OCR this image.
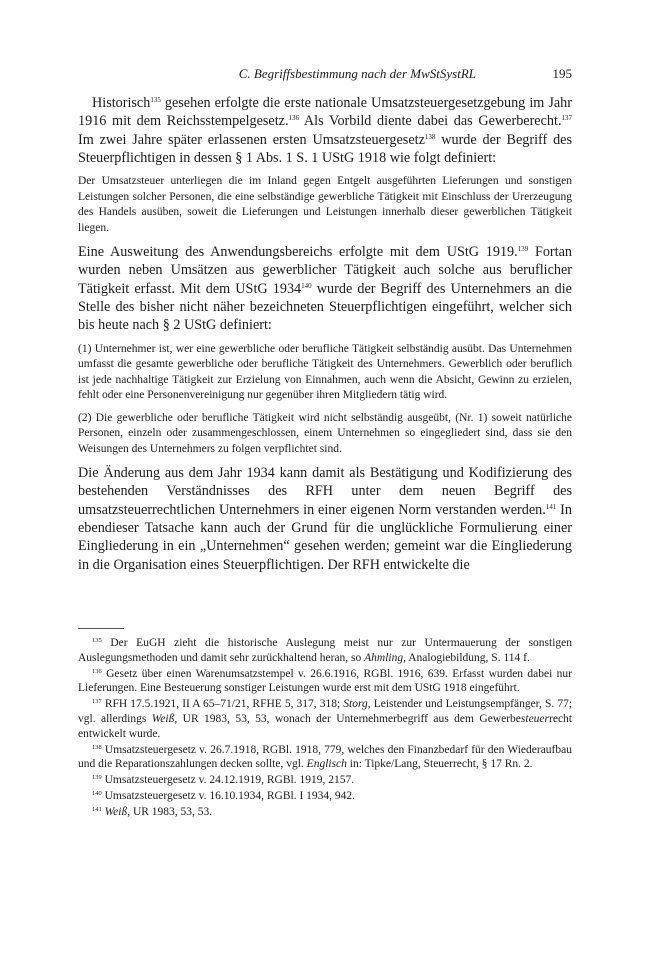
C. Begriffsbestimmung nach der MwStSystRL	195

Historisch$^{135}$ gesehen erfolgte die erste nationale Umsatzsteuergesetzgebung im Jahr 1916 mit dem Reichsstempelgesetz.$^{136}$ Als Vorbild diente dabei das Gewerberecht.$^{137}$ Im zwei Jahre später erlassenen ersten Umsatzsteuergesetz$^{138}$ wurde der Begriff des Steuerpflichtigen in dessen § 1 Abs. 1 S. 1 UStG 1918 wie folgt definiert:

Der Umsatzsteuer unterliegen die im Inland gegen Entgelt ausgeführten Lieferungen und sonstigen Leistungen solcher Personen, die eine selbständige gewerbliche Tätigkeit mit Einschluss der Urerzeugung des Handels ausüben, soweit die Lieferungen und Leistungen innerhalb dieser gewerblichen Tätigkeit liegen.

Eine Ausweitung des Anwendungsbereichs erfolgte mit dem UStG 1919.$^{139}$ Fortan wurden neben Umsätzen aus gewerblicher Tätigkeit auch solche aus beruflicher Tätigkeit erfasst. Mit dem UStG 1934$^{140}$ wurde der Begriff des Unternehmers an die Stelle des bisher nicht näher bezeichneten Steuerpflichtigen eingeführt, welcher sich bis heute nach § 2 UStG definiert:

(1) Unternehmer ist, wer eine gewerbliche oder berufliche Tätigkeit selbständig ausübt. Das Unternehmen umfasst die gesamte gewerbliche oder berufliche Tätigkeit des Unternehmers. Gewerblich oder beruflich ist jede nachhaltige Tätigkeit zur Erzielung von Einnahmen, auch wenn die Absicht, Gewinn zu erzielen, fehlt oder eine Personenvereinigung nur gegenüber ihren Mitgliedern tätig wird.
(2) Die gewerbliche oder berufliche Tätigkeit wird nicht selbständig ausgeübt, (Nr. 1) soweit natürliche Personen, einzeln oder zusammengeschlossen, einem Unternehmen so eingegliedert sind, dass sie den Weisungen des Unternehmers zu folgen verpflichtet sind.

Die Änderung aus dem Jahr 1934 kann damit als Bestätigung und Kodifizierung des bestehenden Verständnisses des RFH unter dem neuen Begriff des umsatzsteuerrechtlichen Unternehmers in einer eigenen Norm verstanden werden.$^{141}$ In ebendieser Tatsache kann auch der Grund für die unglückliche Formulierung einer Eingliederung in ein „Unternehmen“ gesehen werden; gemeint war die Eingliederung in die Organisation eines Steuerpflichtigen. Der RFH entwickelte die

$^{135}$ Der EuGH zieht die historische Auslegung meist nur zur Untermauerung der sonstigen Auslegungsmethoden und damit sehr zurückhaltend heran, so Ahmling, Analogiebildung, S. 114 f.

$^{136}$ Gesetz über einen Warenumsatzstempel v. 26.6.1916, RGBl. 1916, 639. Erfasst wurden dabei nur Lieferungen. Eine Besteuerung sonstiger Leistungen wurde erst mit dem UStG 1918 eingeführt.

$^{137}$ RFH 17.5.1921, II A 65–71/21, RFHE 5, 317, 318; Storg, Leistender und Leistungsempfänger, S. 77; vgl. allerdings Weiß, UR 1983, 53, 53, wonach der Unternehmerbegriff aus dem Gewerbesteuerrecht entwickelt wurde.

$^{138}$ Umsatzsteuergesetz v. 26.7.1918, RGBl. 1918, 779, welches den Finanzbedarf für den Wiederaufbau und die Reparationszahlungen decken sollte, vgl. Englisch in: Tipke/Lang, Steuerrecht, § 17 Rn. 2.

$^{139}$ Umsatzsteuergesetz v. 24.12.1919, RGBl. 1919, 2157.

$^{140}$ Umsatzsteuergesetz v. 16.10.1934, RGBl. I 1934, 942.

$^{141}$ Weiß, UR 1983, 53, 53.
